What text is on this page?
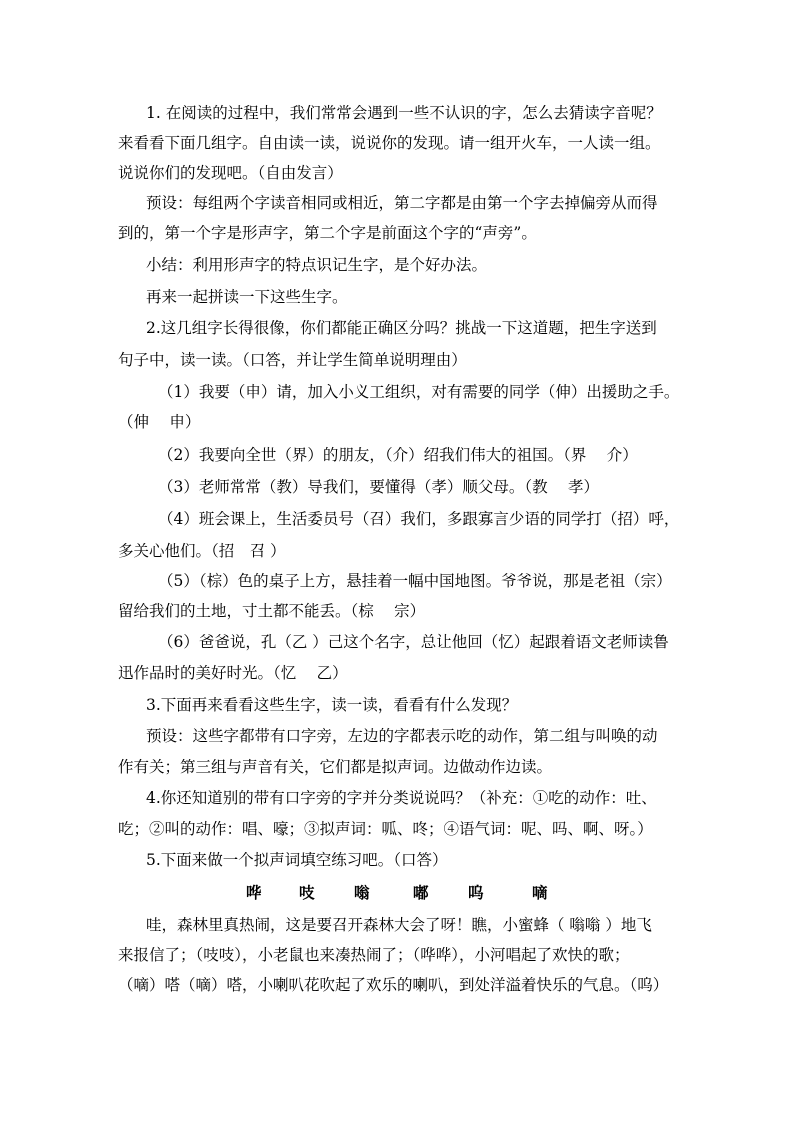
1. 在阅读的过程中，我们常常会遇到一些不认识的字，怎么去猜读字音呢？
来看看下面几组字。自由读一读，说说你的发现。请一组开火车，一人读一组。
说说你们的发现吧。（自由发言）
预设：每组两个字读音相同或相近，第二字都是由第一个字去掉偏旁从而得
到的，第一个字是形声字，第二个字是前面这个字的“声旁”。
小结：利用形声字的特点识记生字，是个好办法。
再来一起拼读一下这些生字。
2.这几组字长得很像，你们都能正确区分吗？挑战一下这道题，把生字送到
句子中，读一读。（口答，并让学生简单说明理由）
（1）我要（申）请，加入小义工组织，对有需要的同学（伸）出援助之手。
（伸　 申）
（2）我要向全世（界）的朋友，（介）绍我们伟大的祖国。（界　 介）
（3）老师常常（教）导我们，要懂得（孝）顺父母。（教　 孝）
（4）班会课上，生活委员号（召）我们，多跟寡言少语的同学打（招）呼，
多关心他们。（招　召 ）
（5）（棕）色的桌子上方，悬挂着一幅中国地图。爷爷说，那是老祖（宗）
留给我们的土地，寸土都不能丢。（棕　 宗）
（6）爸爸说，孔（乙 ）己这个名字，总让他回（忆）起跟着语文老师读鲁
迅作品时的美好时光。（忆　 乙）
3.下面再来看看这些生字，读一读，看看有什么发现？
预设：这些字都带有口字旁，左边的字都表示吃的动作，第二组与叫唤的动
作有关；第三组与声音有关，它们都是拟声词。边做动作边读。
4.你还知道别的带有口字旁的字并分类说说吗？（补充：①吃的动作：吐、
吃；②叫的动作：唱、嚎；③拟声词：呱、咚；④语气词：呢、吗、啊、呀。）
5.下面来做一个拟声词填空练习吧。（口答）
哗 吱	嗡	嘟	呜	嘀
哇，森林里真热闹，这是要召开森林大会了呀！瞧，小蜜蜂（ 嗡嗡 ）地飞
来报信了；（吱吱），小老鼠也来凑热闹了；（哗哗），小河唱起了欢快的歌；
（嘀）嗒（嘀）嗒，小喇叭花吹起了欢乐的喇叭，到处洋溢着快乐的气息。（呜）
